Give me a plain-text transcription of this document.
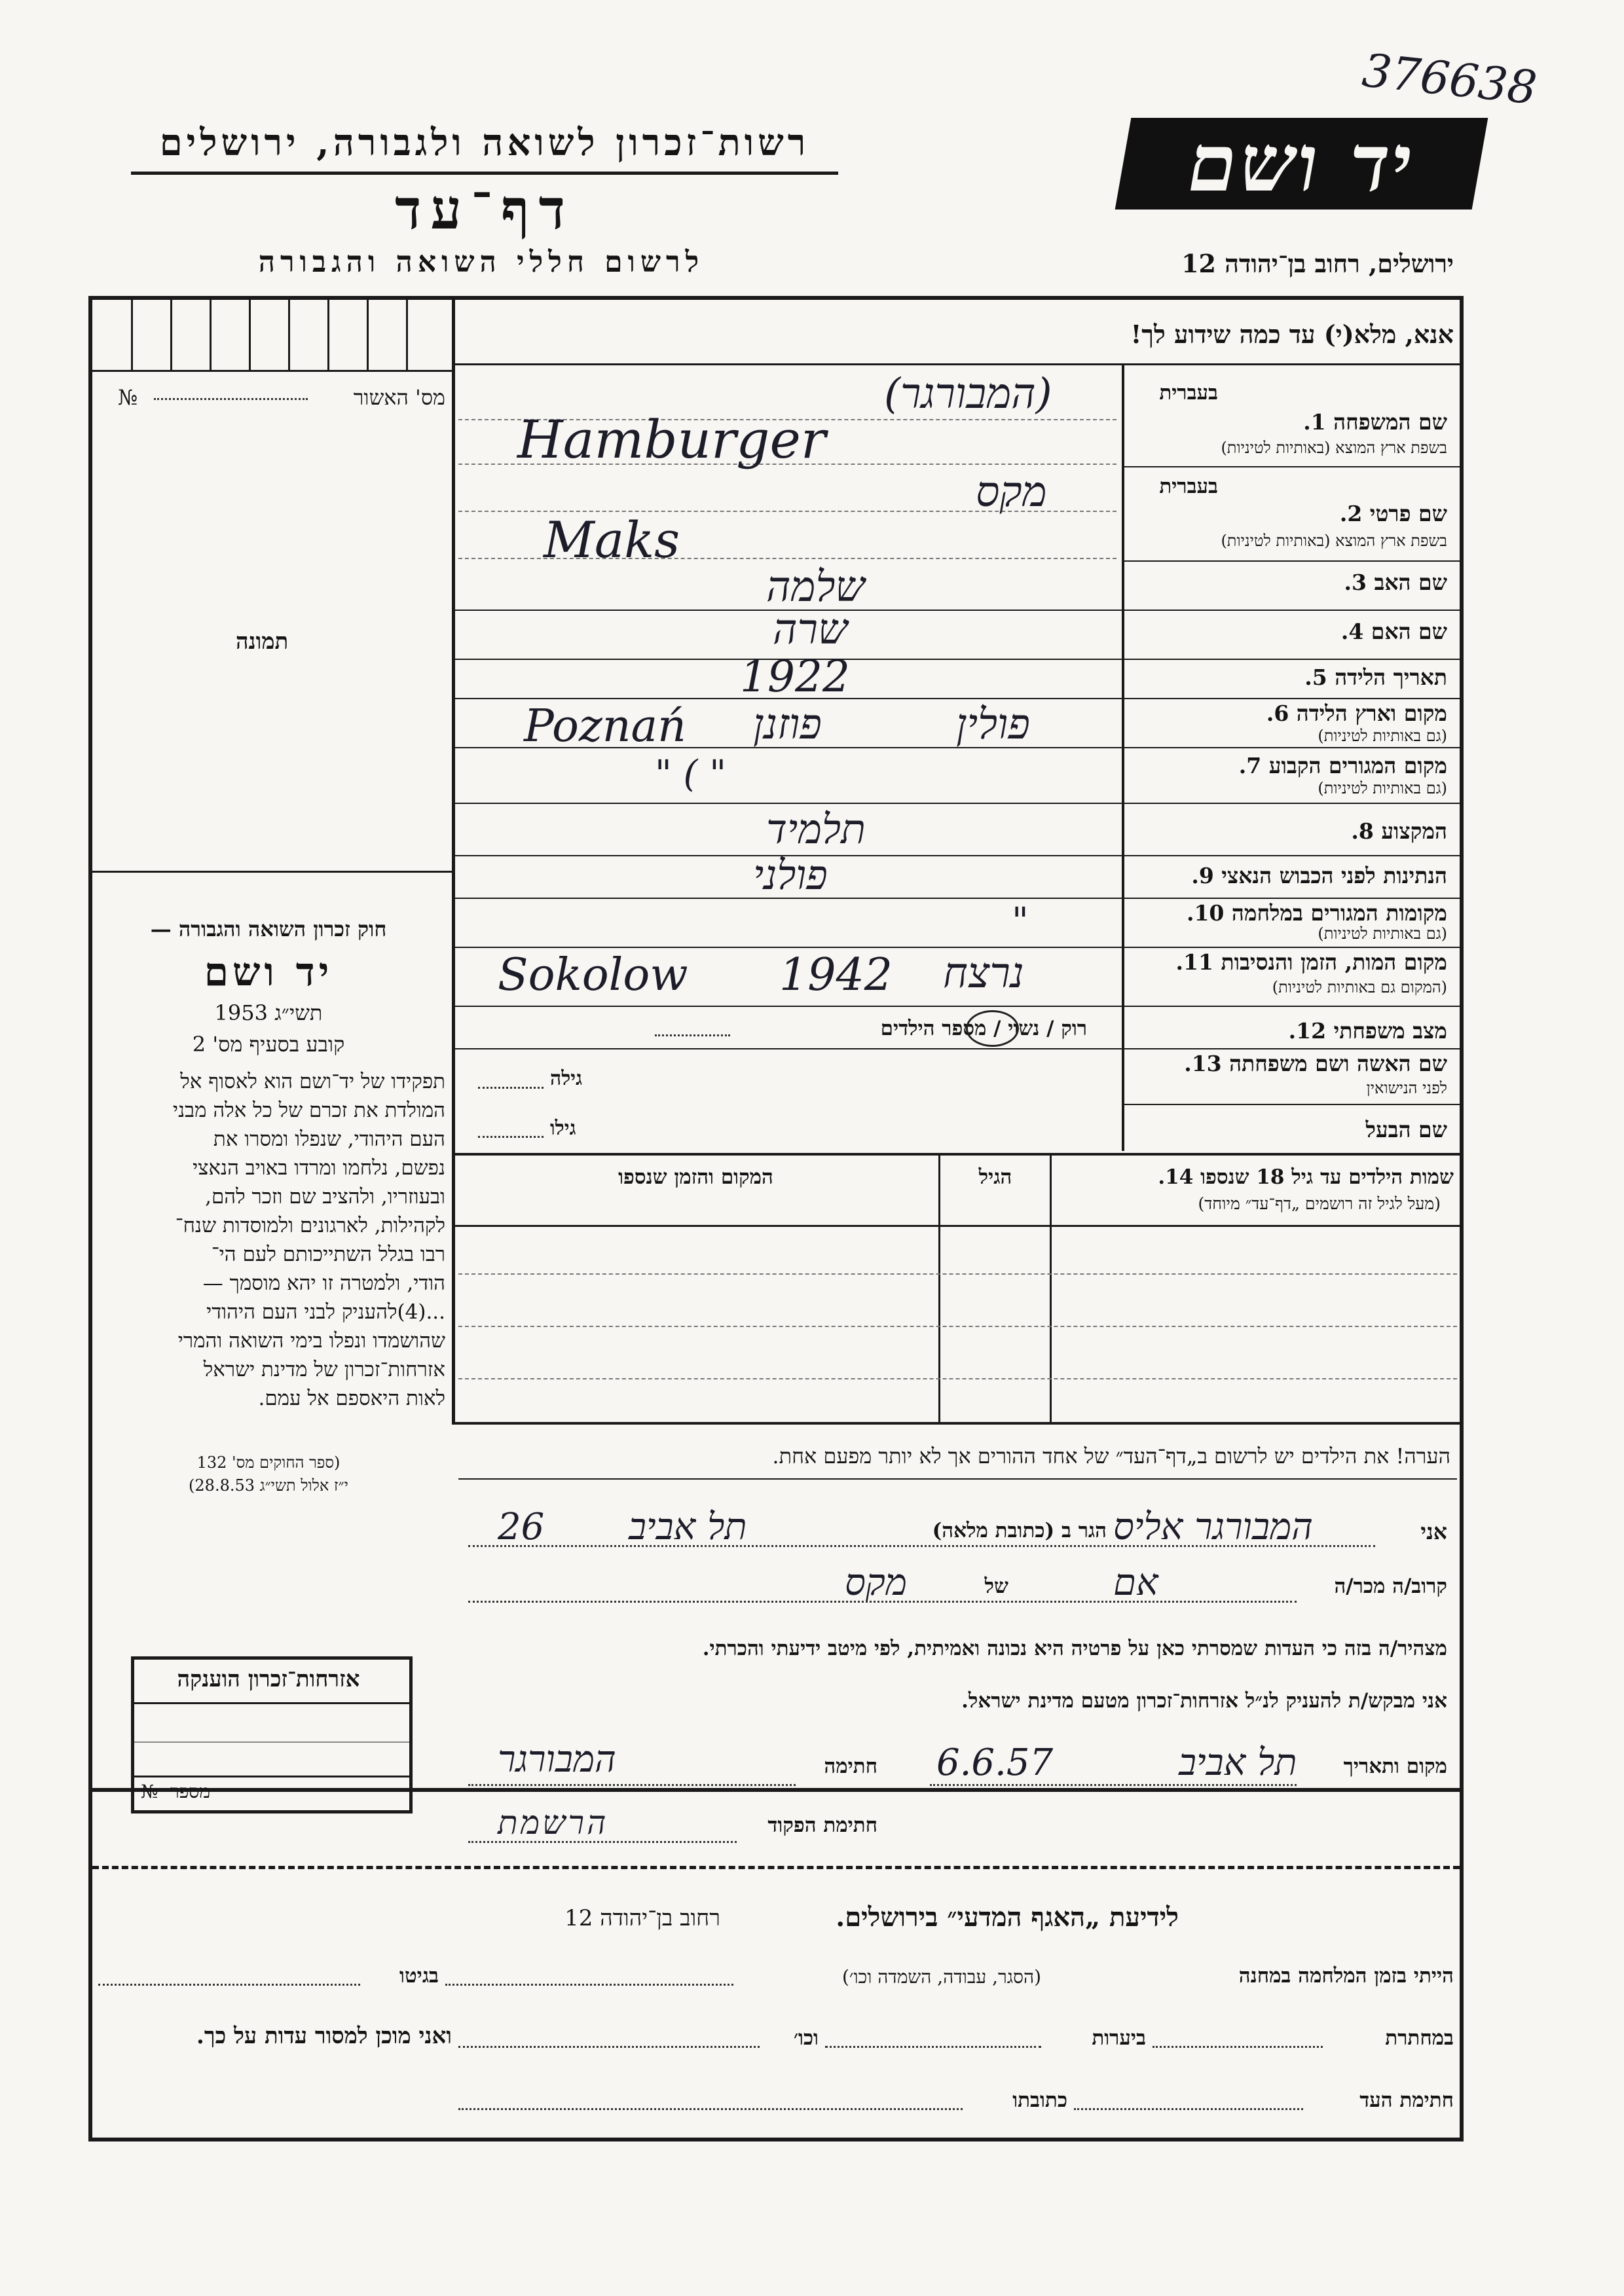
376638
רשות־זכרון לשואה ולגבורה, ירושלים
דף־עד
לרשום חללי השואה והגבורה
יד ושם
ירושלים, רחוב בן־יהודה 12
מס' האשור
№
תמונה
חוק זכרון השואה והגבורה —
יד ושם
תשי״ג 1953
קובע בסעיף מס' 2
תפקידו של יד־ושם הוא לאסוף אל
המולדת את זכרם של כל אלה מבני
העם היהודי, שנפלו ומסרו את
נפשם, נלחמו ומרדו באויב הנאצי
ובעוזריו, ולהציב שם וזכר להם,
לקהילות, לארגונים ולמוסדות שנח־
רבו בגלל השתייכותם לעם הי־
הודי, ולמטרה זו יהא מוסמך —
...(4)להעניק לבני העם היהודי
שהושמדו ונפלו בימי השואה והמרי
אזרחות־זכרון של מדינת ישראל
לאות היאספם אל עמם.
(ספר החוקים מס' 132
י״ז אלול תשי״ג 28.8.53)
אזרחות־זכרון הוענקה
מספר
№
אנא, מלא(י) עד כמה שידוע לך!
בעברית
שם המשפחה 1.
בשפת ארץ המוצא (באותיות לטיניות)
(המבורגר)
Hamburger
בעברית
שם פרטי 2.
בשפת ארץ המוצא (באותיות לטיניות)
מקס
Maks
שם האב 3.
שלמה
שם האם 4.
שרה
תאריך הלידה 5.
1922
מקום וארץ הלידה 6.
(גם באותיות לטיניות)
Poznań פוזנן	פולין
מקום המגורים הקבוע 7.
(גם באותיות לטיניות)
" ( "
המקצוע 8.
תלמיד
הנתינות לפני הכבוש הנאצי 9.
פולני
מקומות המגורים במלחמה 10.
(גם באותיות לטיניות)
"
מקום המות, הזמן והנסיבות 11.
(המקום גם באותיות לטיניות)
Sokolow 1942 נרצח
מצב משפחתי 12.
רוק / נשוי / מספר הילדים
שם האשה ושם משפחתה 13.
לפני הנישואין
גילה
שם הבעל
גילו
שמות הילדים עד גיל 18 שנספו 14.
(מעל לגיל זה רושמים „דף־עד״ מיוחד)
הגיל
המקום והזמן שנספו
הערה! את הילדים יש לרשום ב„דף־העד״ של אחד ההורים אך לא יותר מפעם אחת.
אני
המבורגר אליס
הגר ב (כתובת מלאה)
תל אביב
26
קרוב/ה מכר/ה
אם
של
מקס
מצהיר/ה בזה כי העדות שמסרתי כאן על פרטיה היא נכונה ואמיתית, לפי מיטב ידיעתי והכרתי.
אני מבקש/ת להעניק לנ״ל אזרחות־זכרון מטעם מדינת ישראל.
מקום ותאריך
תל אביב
6.6.57
חתימה
המבורגר
חתימת הפקוד
הרשמת
לידיעת „האגף המדעי״ בירושלים.
רחוב בן־יהודה 12
הייתי בזמן המלחמה במחנה
(הסגר, עבודה, השמדה וכו׳)
בגיטו
במחתרת
ביערות
וכו׳
ואני מוכן למסור עדות על כך.
חתימת העד
כתובתו
